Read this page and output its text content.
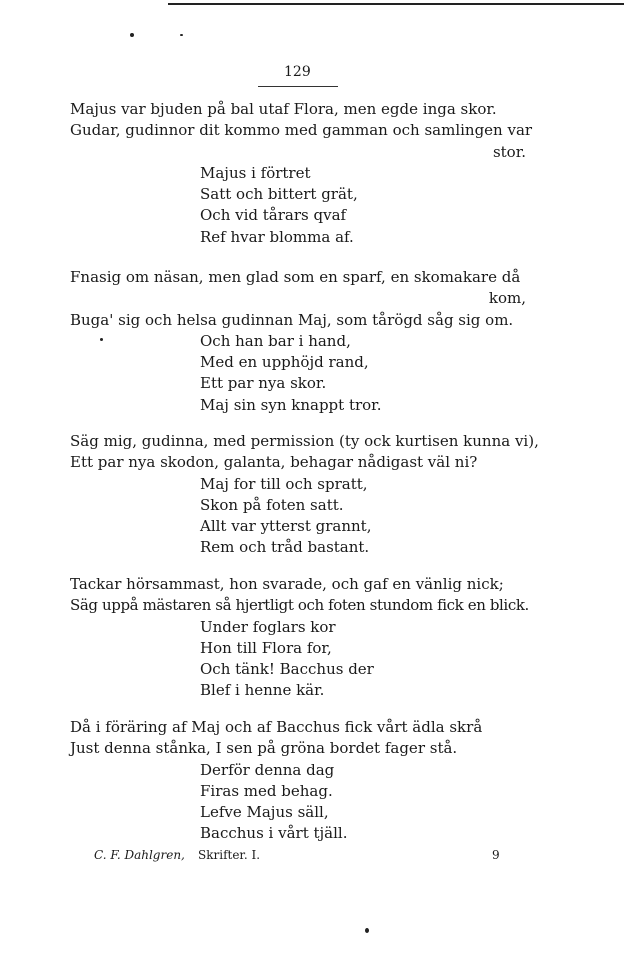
129
Majus var bjuden på bal utaf Flora, men egde inga skor.
Gudar, gudinnor dit kommo med gamman och samlingen var
stor.
Majus i förtret
Satt och bittert grät,
Och vid tårars qvaf
Ref hvar blomma af.
Fnasig om näsan, men glad som en sparf, en skomakare då
kom,
Buga' sig och helsa gudinnan Maj, som tårögd såg sig om.
Och han bar i hand,
Med en upphöjd rand,
Ett par nya skor.
Maj sin syn knappt tror.
Säg mig, gudinna, med permission (ty ock kurtisen kunna vi),
Ett par nya skodon, galanta, behagar nådigast väl ni?
Maj for till och spratt,
Skon på foten satt.
Allt var ytterst grannt,
Rem och tråd bastant.
Tackar hörsammast, hon svarade, och gaf en vänlig nick;
Säg uppå mästaren så hjertligt och foten stundom fick en blick.
Under foglars kor
Hon till Flora for,
Och tänk! Bacchus der
Blef i henne kär.
Då i föräring af Maj och af Bacchus fick vårt ädla skrå
Just denna stånka, I sen på gröna bordet fager stå.
Derför denna dag
Firas med behag.
Lefve Majus säll,
Bacchus i vårt tjäll.
C. F. Dahlgren, Skrifter. I.	9
